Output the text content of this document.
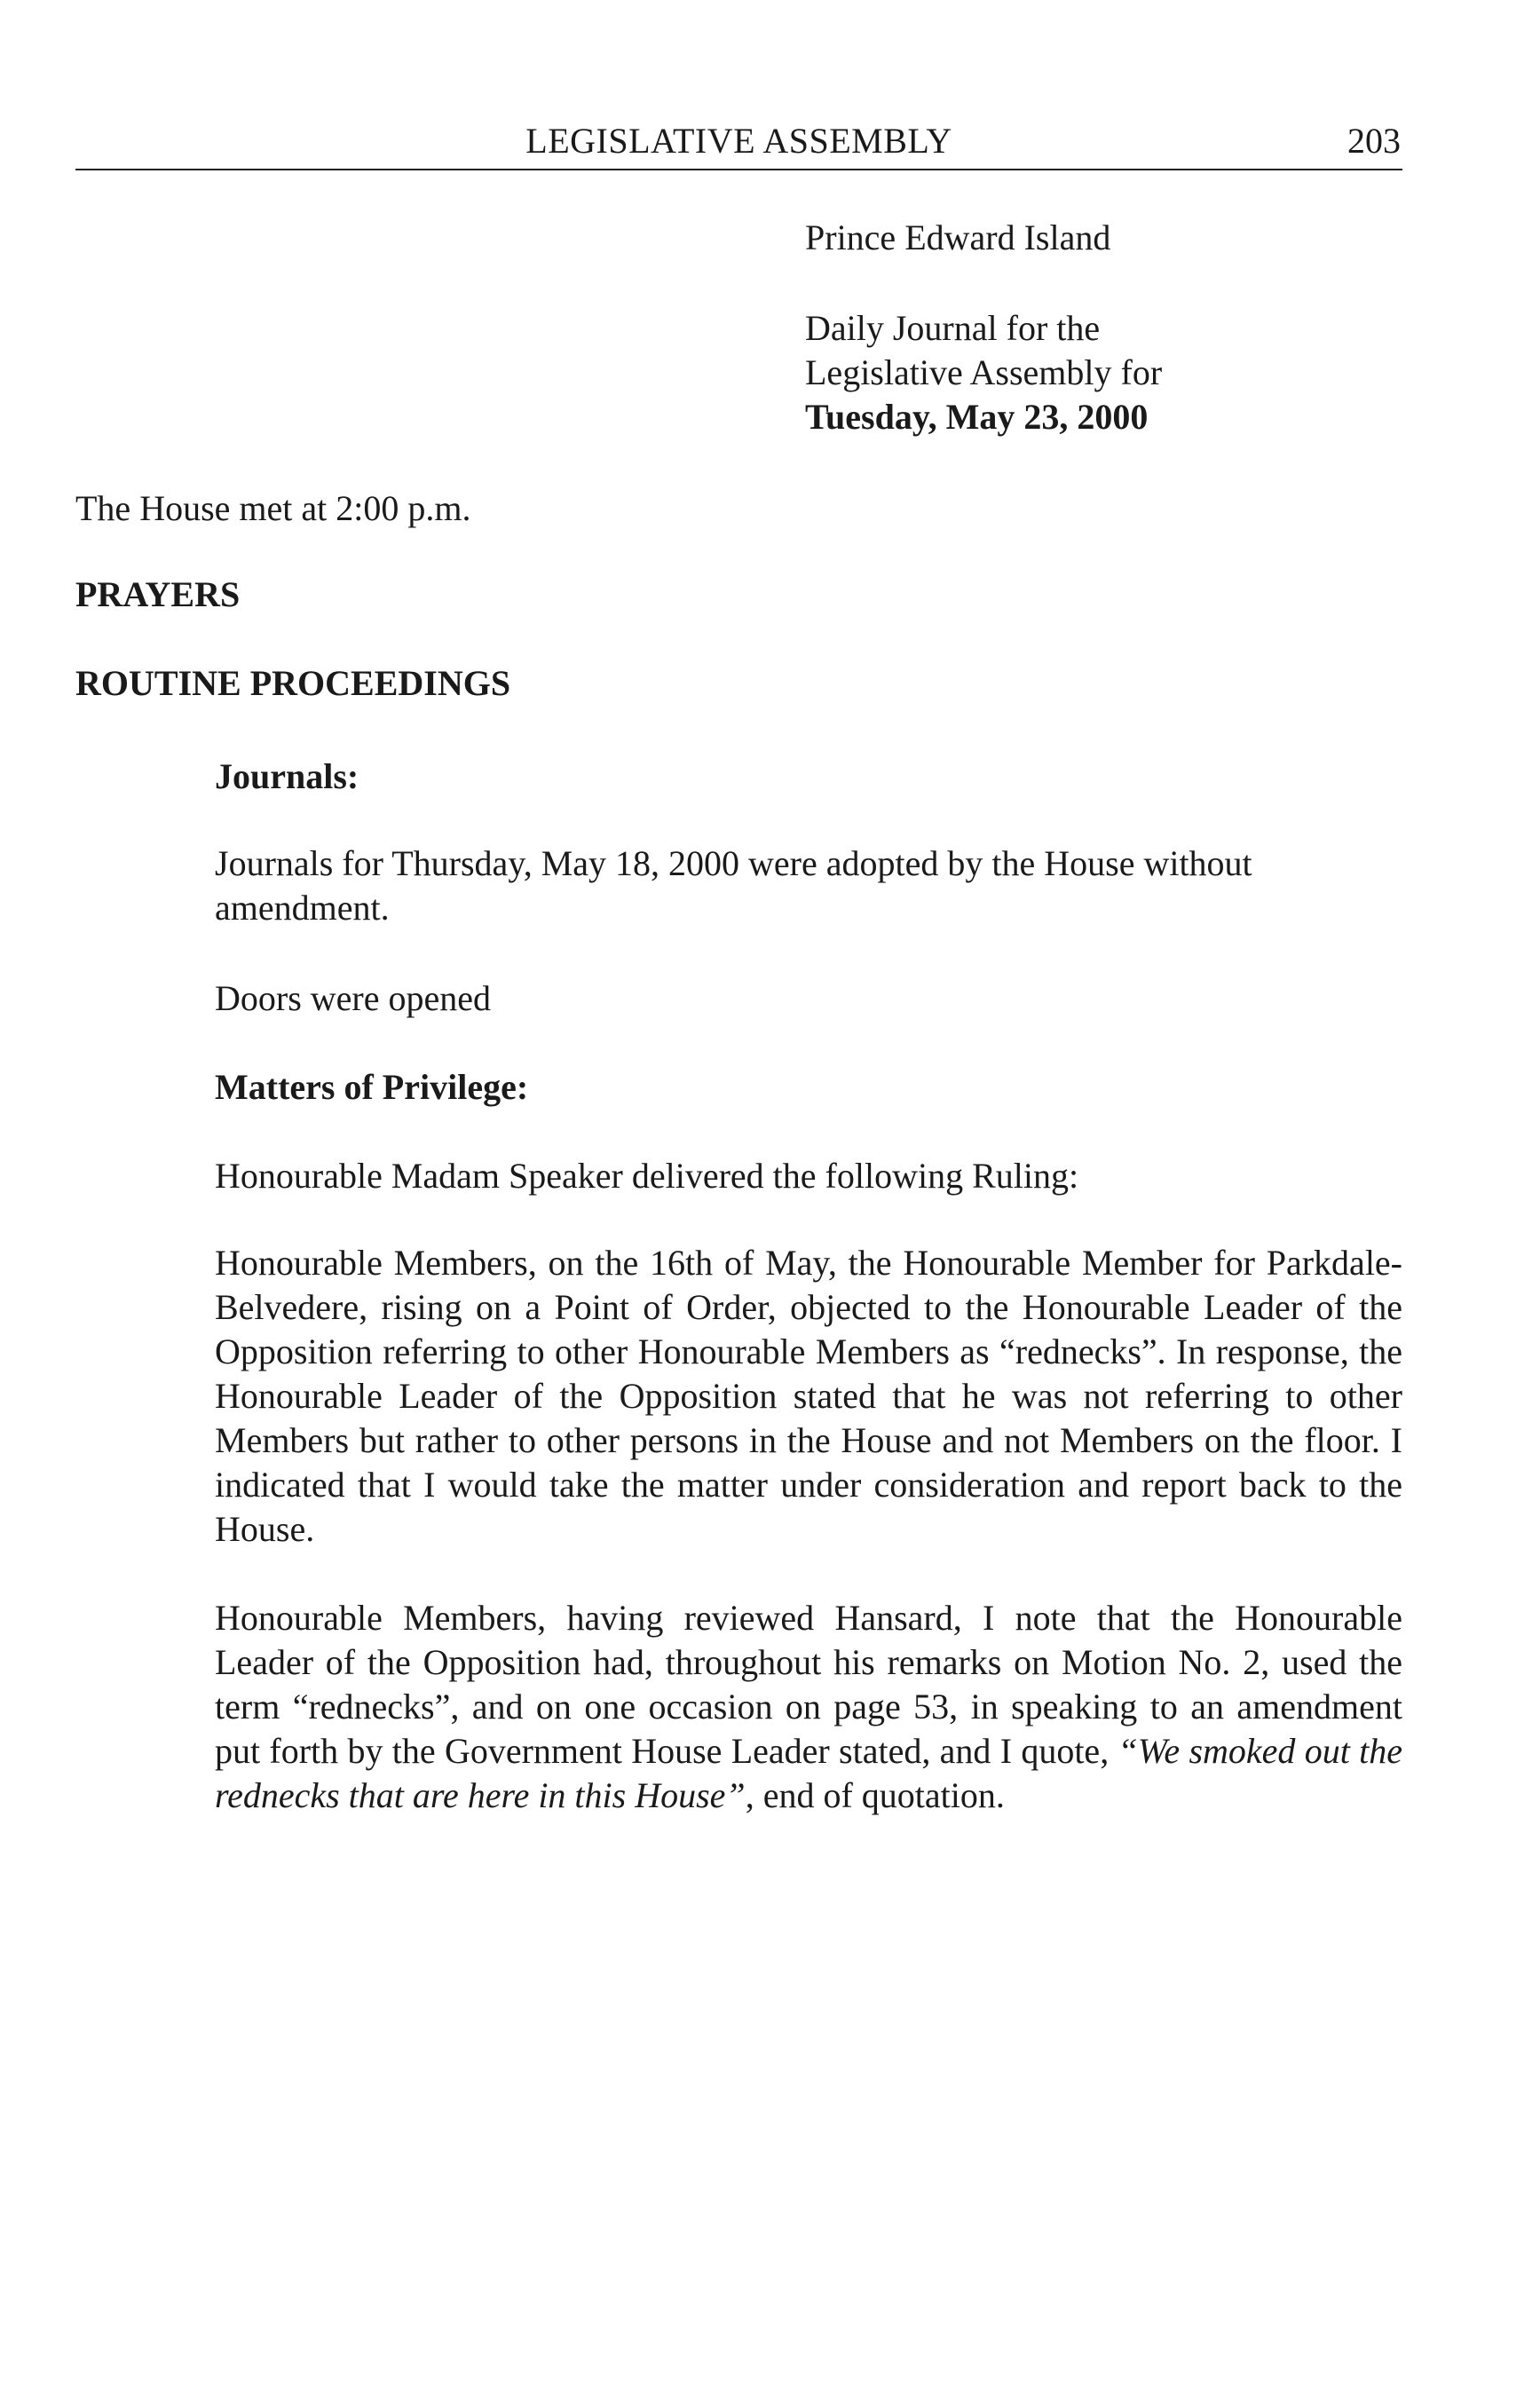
LEGISLATIVE ASSEMBLY	203
Prince Edward Island
Daily Journal for the
Legislative Assembly for
Tuesday, May 23, 2000
The House met at 2:00 p.m.
PRAYERS
ROUTINE PROCEEDINGS
Journals:

Journals for Thursday, May 18, 2000 were adopted by the House without amendment.

Doors were opened
Matters of Privilege:

Honourable Madam Speaker delivered the following Ruling:

Honourable Members, on the 16th of May, the Honourable Member for Parkdale-Belvedere, rising on a Point of Order, objected to the Honourable Leader of the Opposition referring to other Honourable Members as “rednecks”. In response, the Honourable Leader of the Opposition stated that he was not referring to other Members but rather to other persons in the House and not Members on the floor. I indicated that I would take the matter under consideration and report back to the House.

Honourable Members, having reviewed Hansard, I note that the Honourable Leader of the Opposition had, throughout his remarks on Motion No. 2, used the term “rednecks”, and on one occasion on page 53, in speaking to an amendment put forth by the Government House Leader stated, and I quote, “We smoked out the rednecks that are here in this House”, end of quotation.
